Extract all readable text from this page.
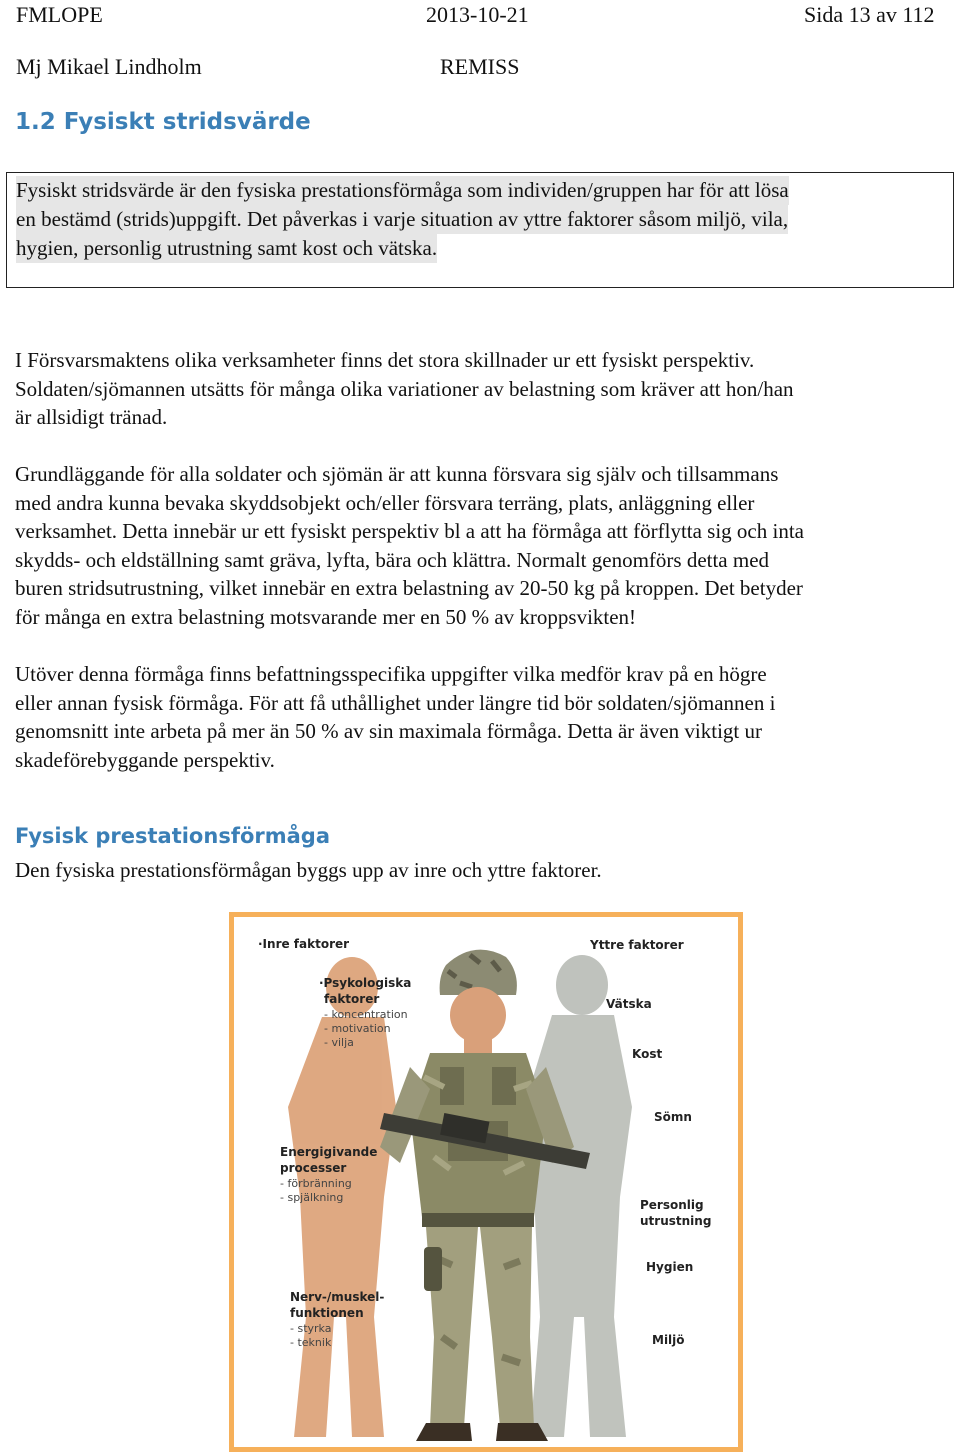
FMLOPE	2013-10-21	Sida 13 av 112
Mj Mikael Lindholm	REMISS
1.2 Fysiskt stridsvärde
Fysiskt stridsvärde är den fysiska prestationsförmåga som individen/gruppen har för att lösa
en bestämd (strids)uppgift. Det påverkas i varje situation av yttre faktorer såsom miljö, vila,
hygien, personlig utrustning samt kost och vätska.
I Försvarsmaktens olika verksamheter finns det stora skillnader ur ett fysiskt perspektiv.
Soldaten/sjömannen utsätts för många olika variationer av belastning som kräver att hon/han
är allsidigt tränad.
Grundläggande för alla soldater och sjömän är att kunna försvara sig själv och tillsammans
med andra kunna bevaka skyddsobjekt och/eller försvara terräng, plats, anläggning eller
verksamhet. Detta innebär ur ett fysiskt perspektiv bl a att ha förmåga att förflytta sig och inta
skydds- och eldställning samt gräva, lyfta, bära och klättra. Normalt genomförs detta med
buren stridsutrustning, vilket innebär en extra belastning av 20-50 kg på kroppen. Det betyder
för många en extra belastning motsvarande mer en 50 % av kroppsvikten!
Utöver denna förmåga finns befattningsspecifika uppgifter vilka medför krav på en högre
eller annan fysisk förmåga. För att få uthållighet under längre tid bör soldaten/sjömannen i
genomsnitt inte arbeta på mer än 50 % av sin maximala förmåga. Detta är även viktigt ur
skadeförebyggande perspektiv.
Fysisk prestationsförmåga
Den fysiska prestationsförmågan byggs upp av inre och yttre faktorer.
·Inre faktorer	Yttre faktorer
·Psykologiska
faktorer
- koncentration
- motivation
- vilja
Energigivande
processer
- förbränning
- spjälkning
Nerv-/muskel-
funktionen
- styrka
- teknik
Vätska
Kost
Sömn
Personlig
utrustning
Hygien
Miljö
